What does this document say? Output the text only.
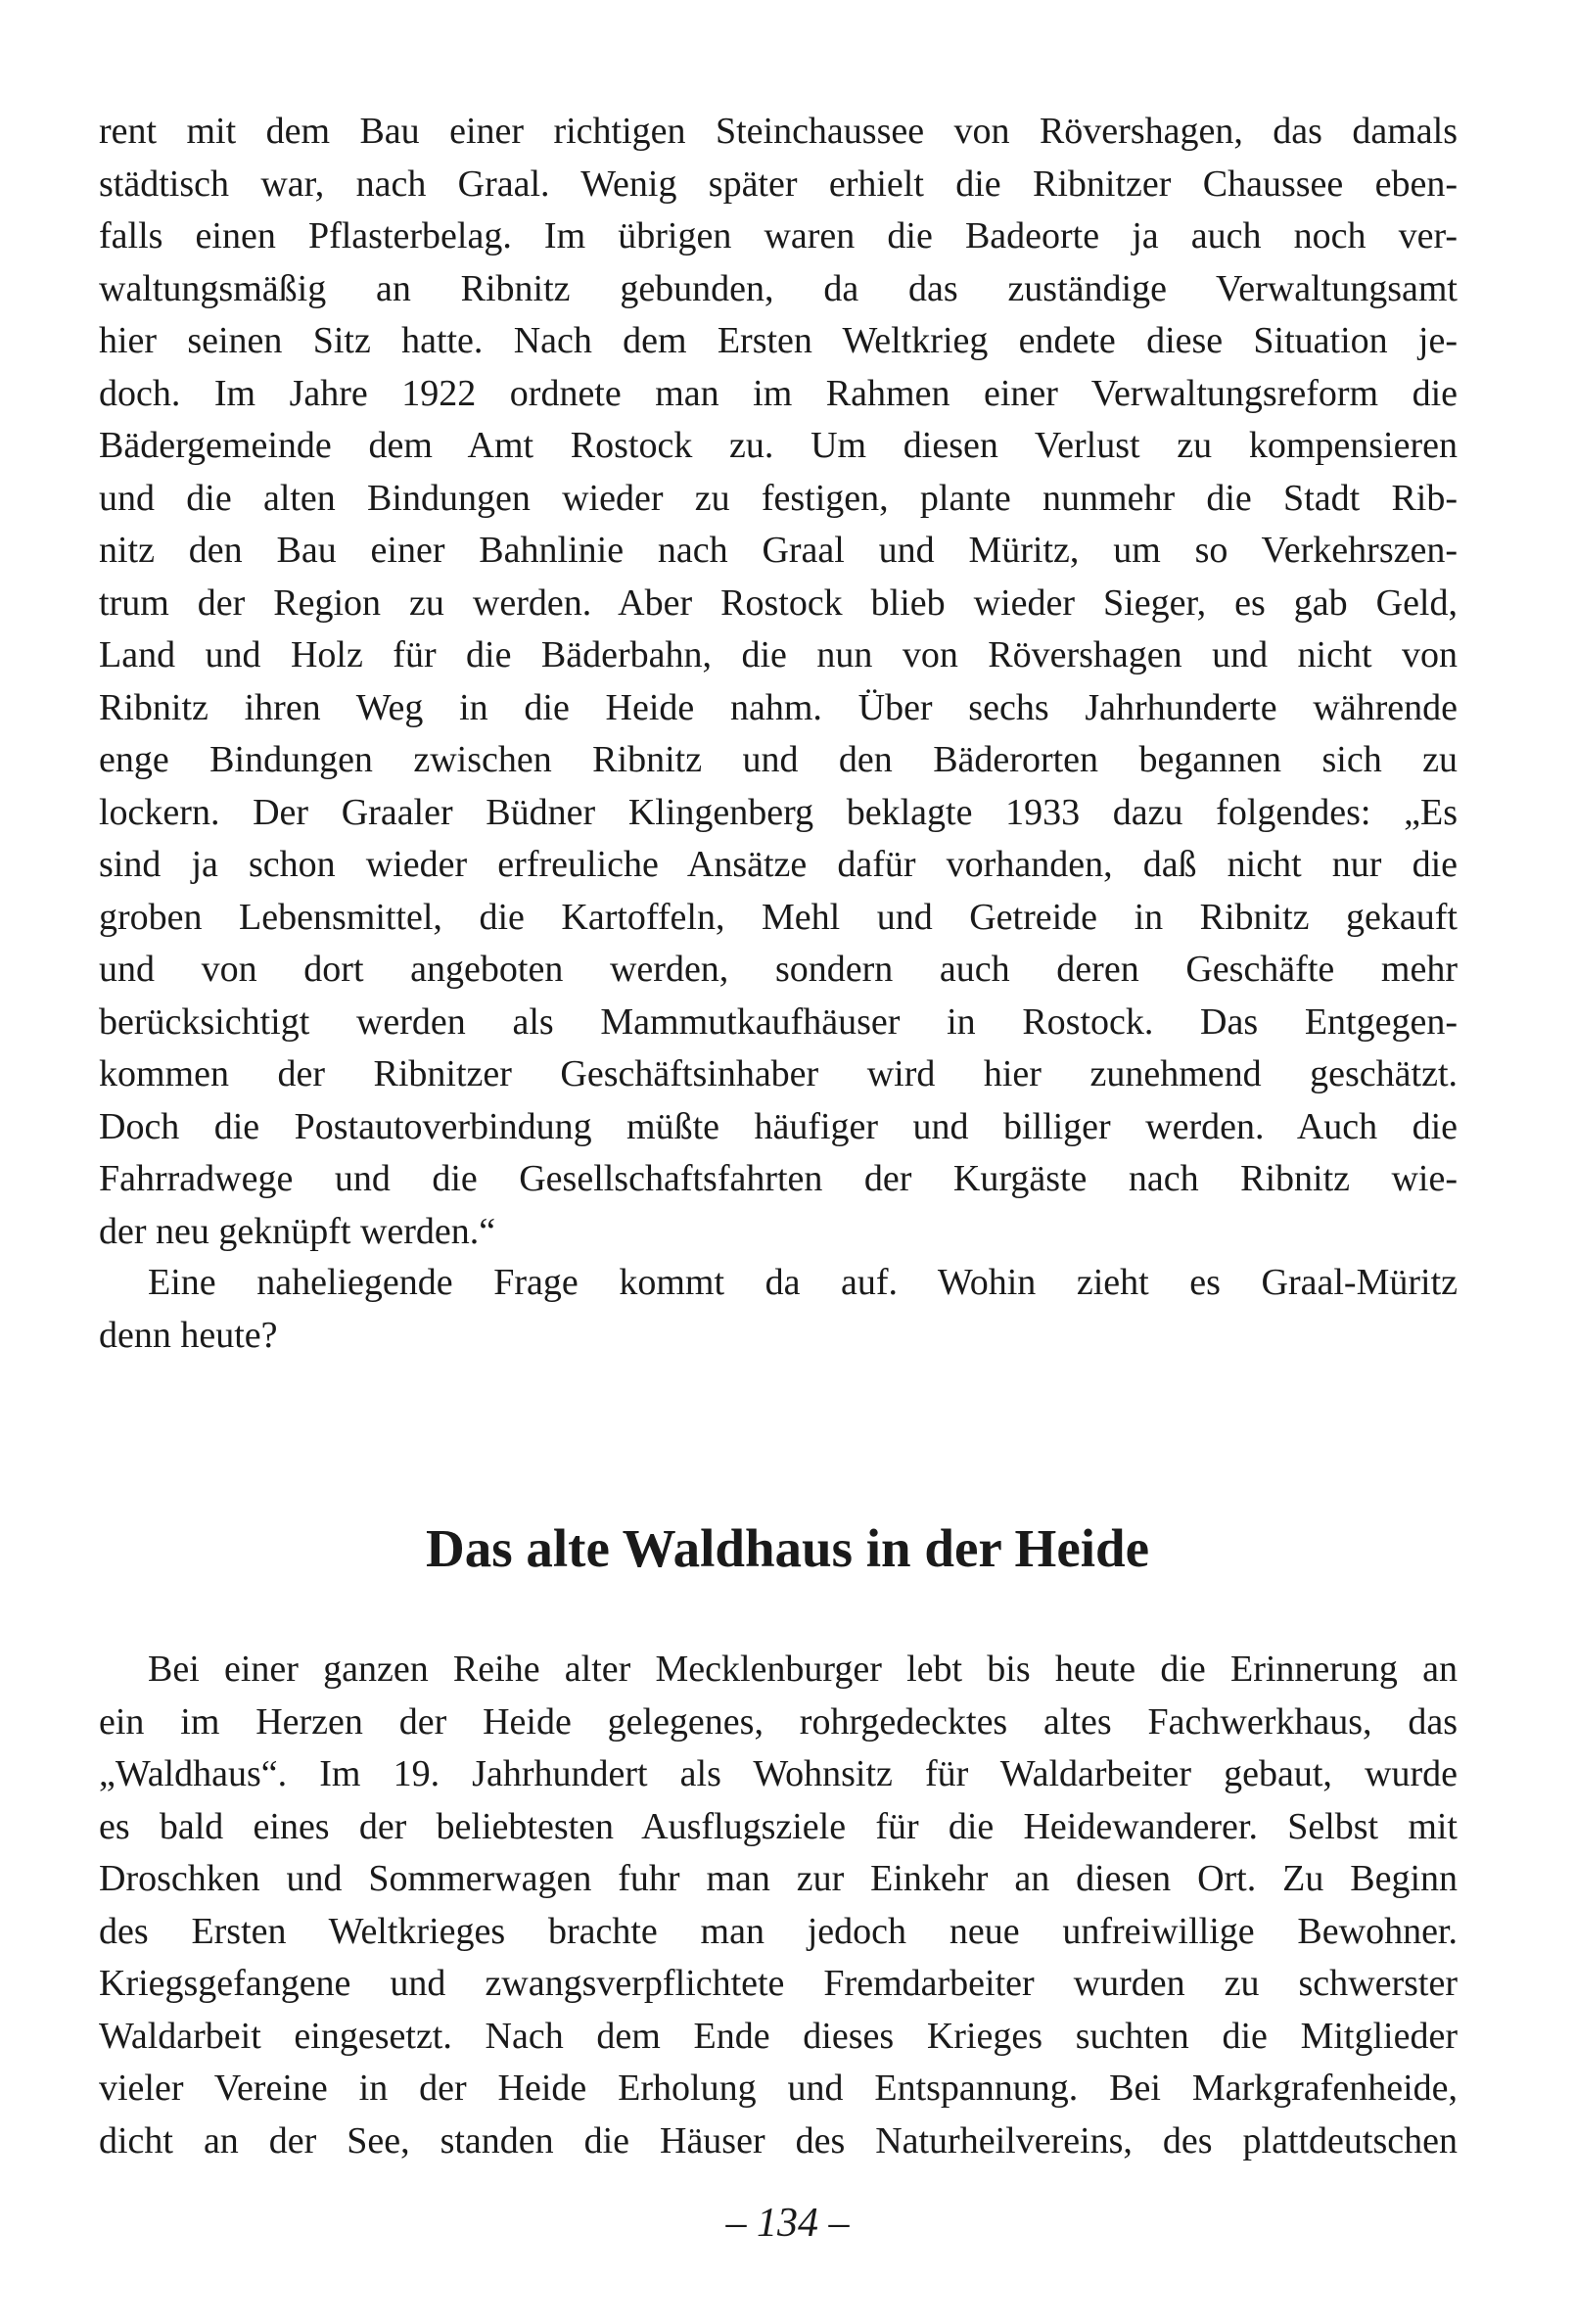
rent mit dem Bau einer richtigen Steinchaussee von Rövershagen, das damals
städtisch war, nach Graal. Wenig später erhielt die Ribnitzer Chaussee eben-
falls einen Pflasterbelag. Im übrigen waren die Badeorte ja auch noch ver-
waltungsmäßig an Ribnitz gebunden, da das zuständige Verwaltungsamt
hier seinen Sitz hatte. Nach dem Ersten Weltkrieg endete diese Situation je-
doch. Im Jahre 1922 ordnete man im Rahmen einer Verwaltungsreform die
Bädergemeinde dem Amt Rostock zu. Um diesen Verlust zu kompensieren
und die alten Bindungen wieder zu festigen, plante nunmehr die Stadt Rib-
nitz den Bau einer Bahnlinie nach Graal und Müritz, um so Verkehrszen-
trum der Region zu werden. Aber Rostock blieb wieder Sieger, es gab Geld,
Land und Holz für die Bäderbahn, die nun von Rövershagen und nicht von
Ribnitz ihren Weg in die Heide nahm. Über sechs Jahrhunderte währende
enge Bindungen zwischen Ribnitz und den Bäderorten begannen sich zu
lockern. Der Graaler Büdner Klingenberg beklagte 1933 dazu folgendes: „Es
sind ja schon wieder erfreuliche Ansätze dafür vorhanden, daß nicht nur die
groben Lebensmittel, die Kartoffeln, Mehl und Getreide in Ribnitz gekauft
und von dort angeboten werden, sondern auch deren Geschäfte mehr
berücksichtigt werden als Mammutkaufhäuser in Rostock. Das Entgegen-
kommen der Ribnitzer Geschäftsinhaber wird hier zunehmend geschätzt.
Doch die Postautoverbindung müßte häufiger und billiger werden. Auch die
Fahrradwege und die Gesellschaftsfahrten der Kurgäste nach Ribnitz wie-
der neu geknüpft werden.“
Eine naheliegende Frage kommt da auf. Wohin zieht es Graal-Müritz
denn heute?
Das alte Waldhaus in der Heide
Bei einer ganzen Reihe alter Mecklenburger lebt bis heute die Erinnerung an
ein im Herzen der Heide gelegenes, rohrgedecktes altes Fachwerkhaus, das
„Waldhaus“. Im 19. Jahrhundert als Wohnsitz für Waldarbeiter gebaut, wurde
es bald eines der beliebtesten Ausflugsziele für die Heidewanderer. Selbst mit
Droschken und Sommerwagen fuhr man zur Einkehr an diesen Ort. Zu Beginn
des Ersten Weltkrieges brachte man jedoch neue unfreiwillige Bewohner.
Kriegsgefangene und zwangsverpflichtete Fremdarbeiter wurden zu schwerster
Waldarbeit eingesetzt. Nach dem Ende dieses Krieges suchten die Mitglieder
vieler Vereine in der Heide Erholung und Entspannung. Bei Markgrafenheide,
dicht an der See, standen die Häuser des Naturheilvereins, des plattdeutschen
– 134 –
